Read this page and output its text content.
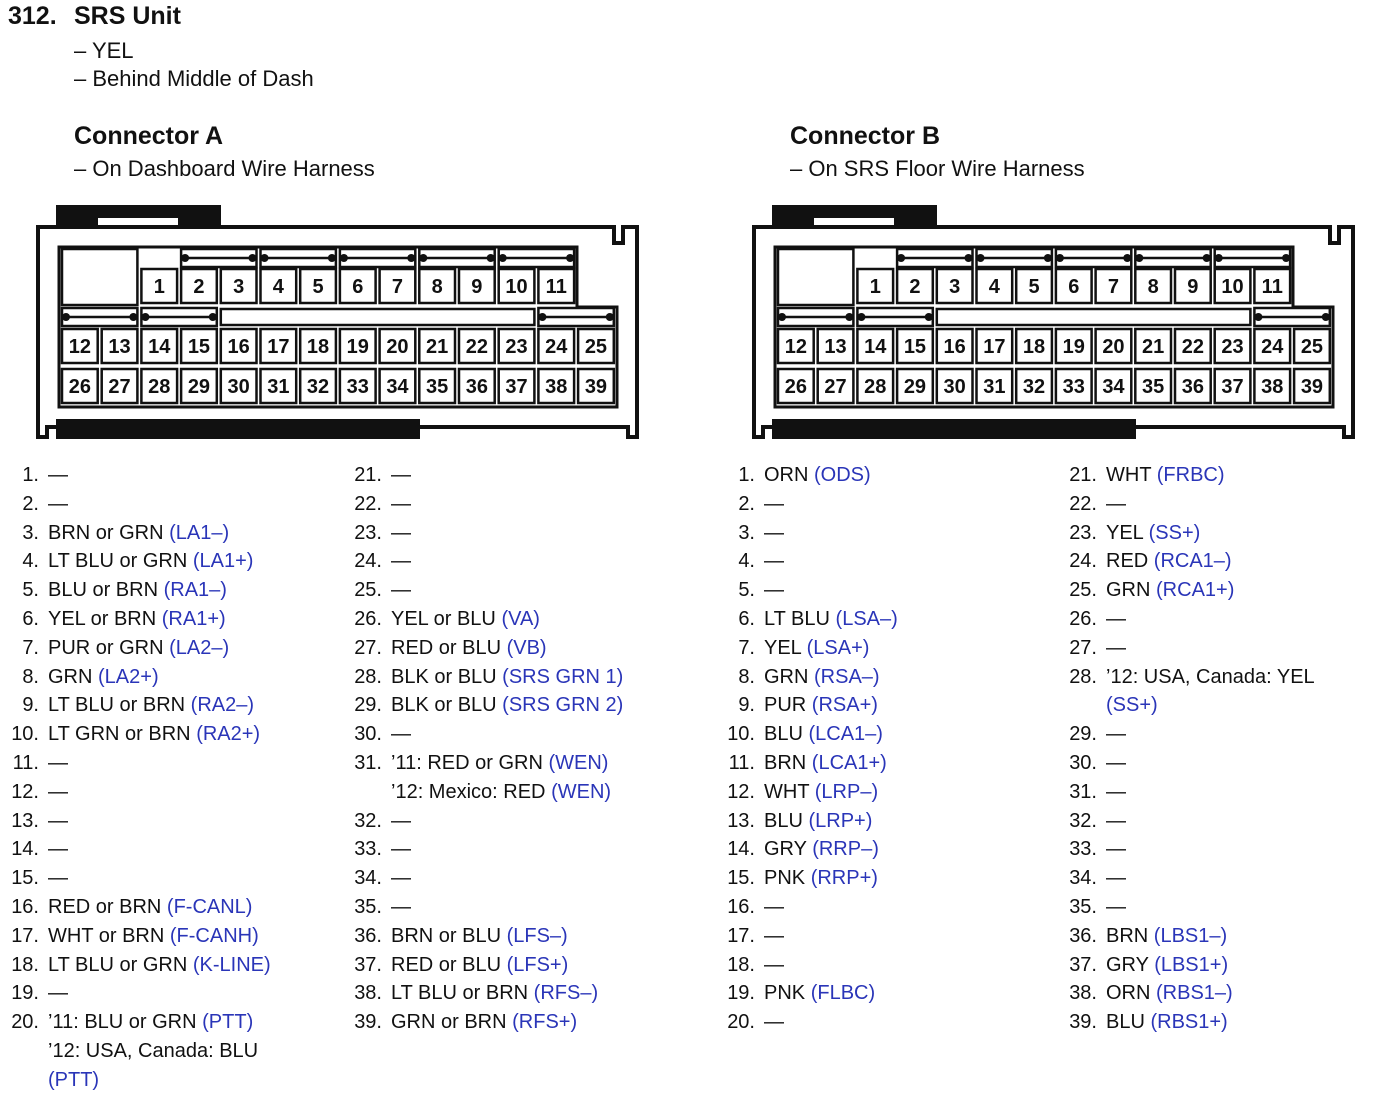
312. SRS Unit
– YEL
– Behind Middle of Dash
Connector A
– On Dashboard Wire Harness
Connector B
– On SRS Floor Wire Harness
1 2 3 4 5 6 7 8 9 10 11
12 13 14 15 16 17 18 19 20 21 22 23 24 25
26 27 28 29 30 31 32 33 34 35 36 37 38 39
1 2 3 4 5 6 7 8 9 10 11
12 13 14 15 16 17 18 19 20 21 22 23 24 25
26 27 28 29 30 31 32 33 34 35 36 37 38 39
1. —
2. —
3. BRN or GRN (LA1–)
4. LT BLU or GRN (LA1+)
5. BLU or BRN (RA1–)
6. YEL or BRN (RA1+)
7. PUR or GRN (LA2–)
8. GRN (LA2+)
9. LT BLU or BRN (RA2–)
10. LT GRN or BRN (RA2+)
11. —
12. —
13. —
14. —
15. —
16. RED or BRN (F-CANL)
17. WHT or BRN (F-CANH)
18. LT BLU or GRN (K-LINE)
19. —
20. ’11: BLU or GRN (PTT)
’12: USA, Canada: BLU
(PTT)
21. —
22. —
23. —
24. —
25. —
26. YEL or BLU (VA)
27. RED or BLU (VB)
28. BLK or BLU (SRS GRN 1)
29. BLK or BLU (SRS GRN 2)
30. —
31. ’11: RED or GRN (WEN)
’12: Mexico: RED (WEN)
32. —
33. —
34. —
35. —
36. BRN or BLU (LFS–)
37. RED or BLU (LFS+)
38. LT BLU or BRN (RFS–)
39. GRN or BRN (RFS+)
1. ORN (ODS)
2. —
3. —
4. —
5. —
6. LT BLU (LSA–)
7. YEL (LSA+)
8. GRN (RSA–)
9. PUR (RSA+)
10. BLU (LCA1–)
11. BRN (LCA1+)
12. WHT (LRP–)
13. BLU (LRP+)
14. GRY (RRP–)
15. PNK (RRP+)
16. —
17. —
18. —
19. PNK (FLBC)
20. —
21. WHT (FRBC)
22. —
23. YEL (SS+)
24. RED (RCA1–)
25. GRN (RCA1+)
26. —
27. —
28. ’12: USA, Canada: YEL
(SS+)
29. —
30. —
31. —
32. —
33. —
34. —
35. —
36. BRN (LBS1–)
37. GRY (LBS1+)
38. ORN (RBS1–)
39. BLU (RBS1+)
